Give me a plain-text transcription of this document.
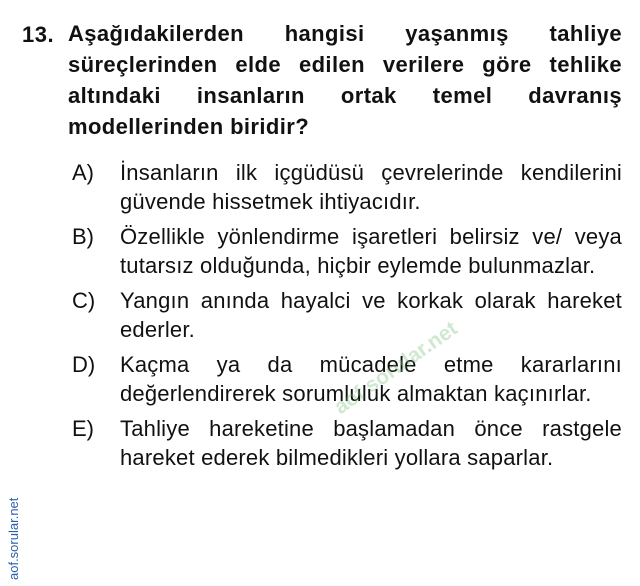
13. Aşağıdakilerden hangisi yaşanmış tahliye süreçlerinden elde edilen verilere göre tehlike altındaki insanların ortak temel davranış modellerinden biridir?
A) İnsanların ilk içgüdüsü çevrelerinde kendilerini güvende hissetmek ihtiyacıdır.
B) Özellikle yönlendirme işaretleri belirsiz ve/ veya tutarsız olduğunda, hiçbir eylemde bulunmazlar.
C) Yangın anında hayalci ve korkak olarak hareket ederler.
D) Kaçma ya da mücadele etme kararlarını değerlendirerek sorumluluk almaktan kaçınırlar.
E) Tahliye hareketine başlamadan önce rastgele hareket ederek bilmedikleri yollara saparlar.
aof sorular.net
aof.sorular.net
